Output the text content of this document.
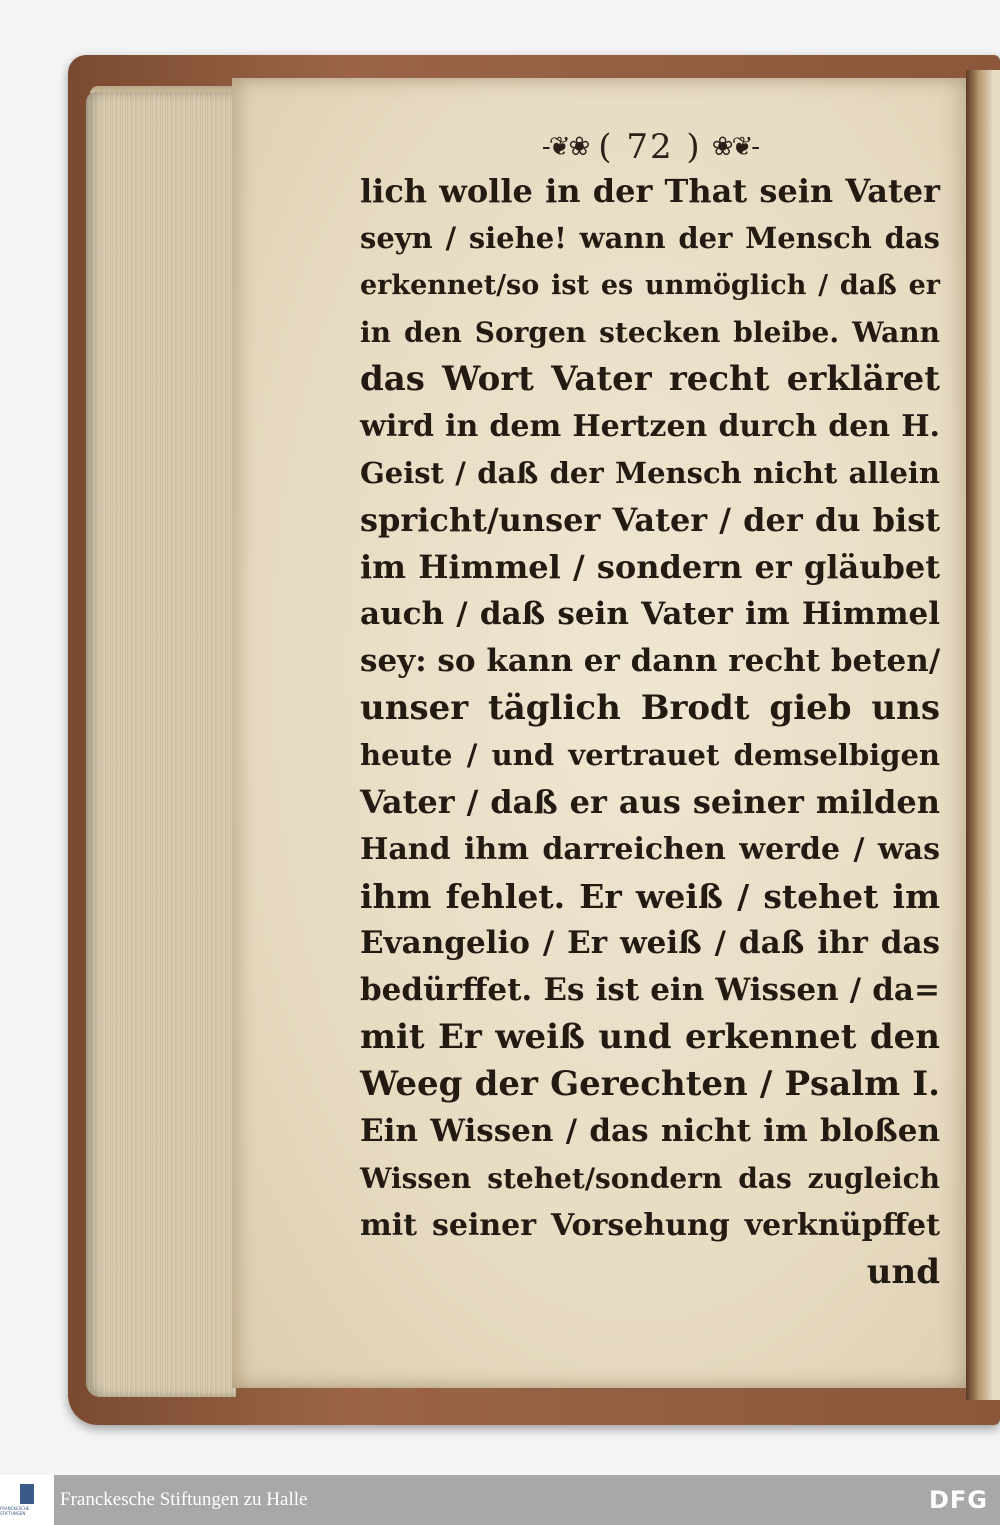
-❦❀ ( 72 ) ❀❦-
lich wolle in der That sein Vater
seyn / siehe! wann der Mensch das
erkennet/so ist es unmöglich / daß er
in den Sorgen stecken bleibe. Wann
das Wort Vater recht erkläret
wird in dem Hertzen durch den H.
Geist / daß der Mensch nicht allein
spricht/unser Vater / der du bist
im Himmel / sondern er gläubet
auch / daß sein Vater im Himmel
sey: so kann er dann recht beten/
unser täglich Brodt gieb uns
heute / und vertrauet demselbigen
Vater / daß er aus seiner milden
Hand ihm darreichen werde / was
ihm fehlet. Er weiß / stehet im
Evangelio / Er weiß / daß ihr das
bedürffet. Es ist ein Wissen / da=
mit Er weiß und erkennet den
Weeg der Gerechten / Psalm I.
Ein Wissen / das nicht im bloßen
Wissen stehet/sondern das zugleich
mit seiner Vorsehung verknüpffet
und
FRANCKESCHE STIFTUNGEN
Franckesche Stiftungen zu Halle	DFG
